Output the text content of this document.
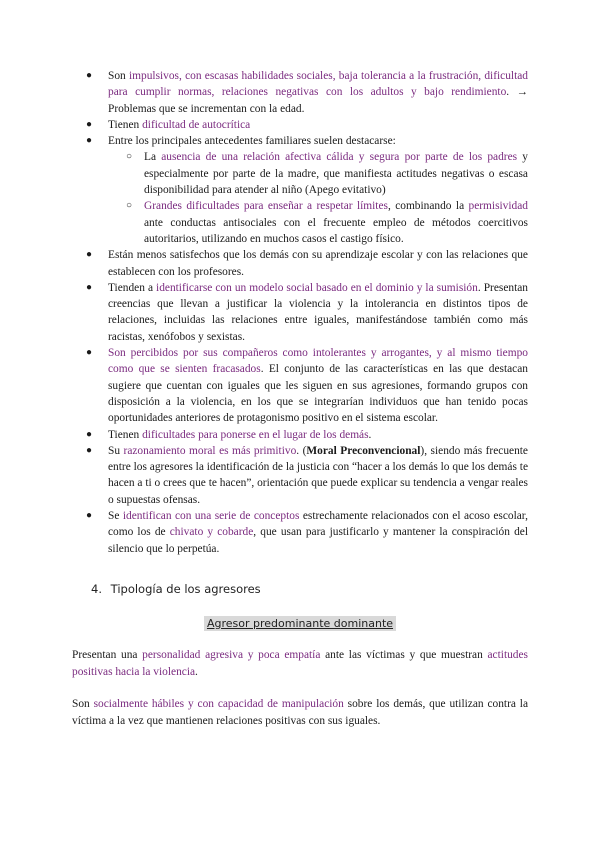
● Son impulsivos, con escasas habilidades sociales, baja tolerancia a la frustración, dificultad para cumplir normas, relaciones negativas con los adultos y bajo rendimiento. → Problemas que se incrementan con la edad.
● Tienen dificultad de autocrítica
● Entre los principales antecedentes familiares suelen destacarse:
○ La ausencia de una relación afectiva cálida y segura por parte de los padres y especialmente por parte de la madre, que manifiesta actitudes negativas o escasa disponibilidad para atender al niño (Apego evitativo)
○ Grandes dificultades para enseñar a respetar límites, combinando la permisividad ante conductas antisociales con el frecuente empleo de métodos coercitivos autoritarios, utilizando en muchos casos el castigo físico.
● Están menos satisfechos que los demás con su aprendizaje escolar y con las relaciones que establecen con los profesores.
● Tienden a identificarse con un modelo social basado en el dominio y la sumisión. Presentan creencias que llevan a justificar la violencia y la intolerancia en distintos tipos de relaciones, incluidas las relaciones entre iguales, manifestándose también como más racistas, xenófobos y sexistas.
● Son percibidos por sus compañeros como intolerantes y arrogantes, y al mismo tiempo como que se sienten fracasados. El conjunto de las características en las que destacan sugiere que cuentan con iguales que les siguen en sus agresiones, formando grupos con disposición a la violencia, en los que se integrarían individuos que han tenido pocas oportunidades anteriores de protagonismo positivo en el sistema escolar.
● Tienen dificultades para ponerse en el lugar de los demás.
● Su razonamiento moral es más primitivo. (Moral Preconvencional), siendo más frecuente entre los agresores la identificación de la justicia con “hacer a los demás lo que los demás te hacen a ti o crees que te hacen”, orientación que puede explicar su tendencia a vengar reales o supuestas ofensas.
● Se identifican con una serie de conceptos estrechamente relacionados con el acoso escolar, como los de chivato y cobarde, que usan para justificarlo y mantener la conspiración del silencio que lo perpetúa.
4. Tipología de los agresores
Agresor predominante dominante

Presentan una personalidad agresiva y poca empatía ante las víctimas y que muestran actitudes positivas hacia la violencia.

Son socialmente hábiles y con capacidad de manipulación sobre los demás, que utilizan contra la víctima a la vez que mantienen relaciones positivas con sus iguales.
